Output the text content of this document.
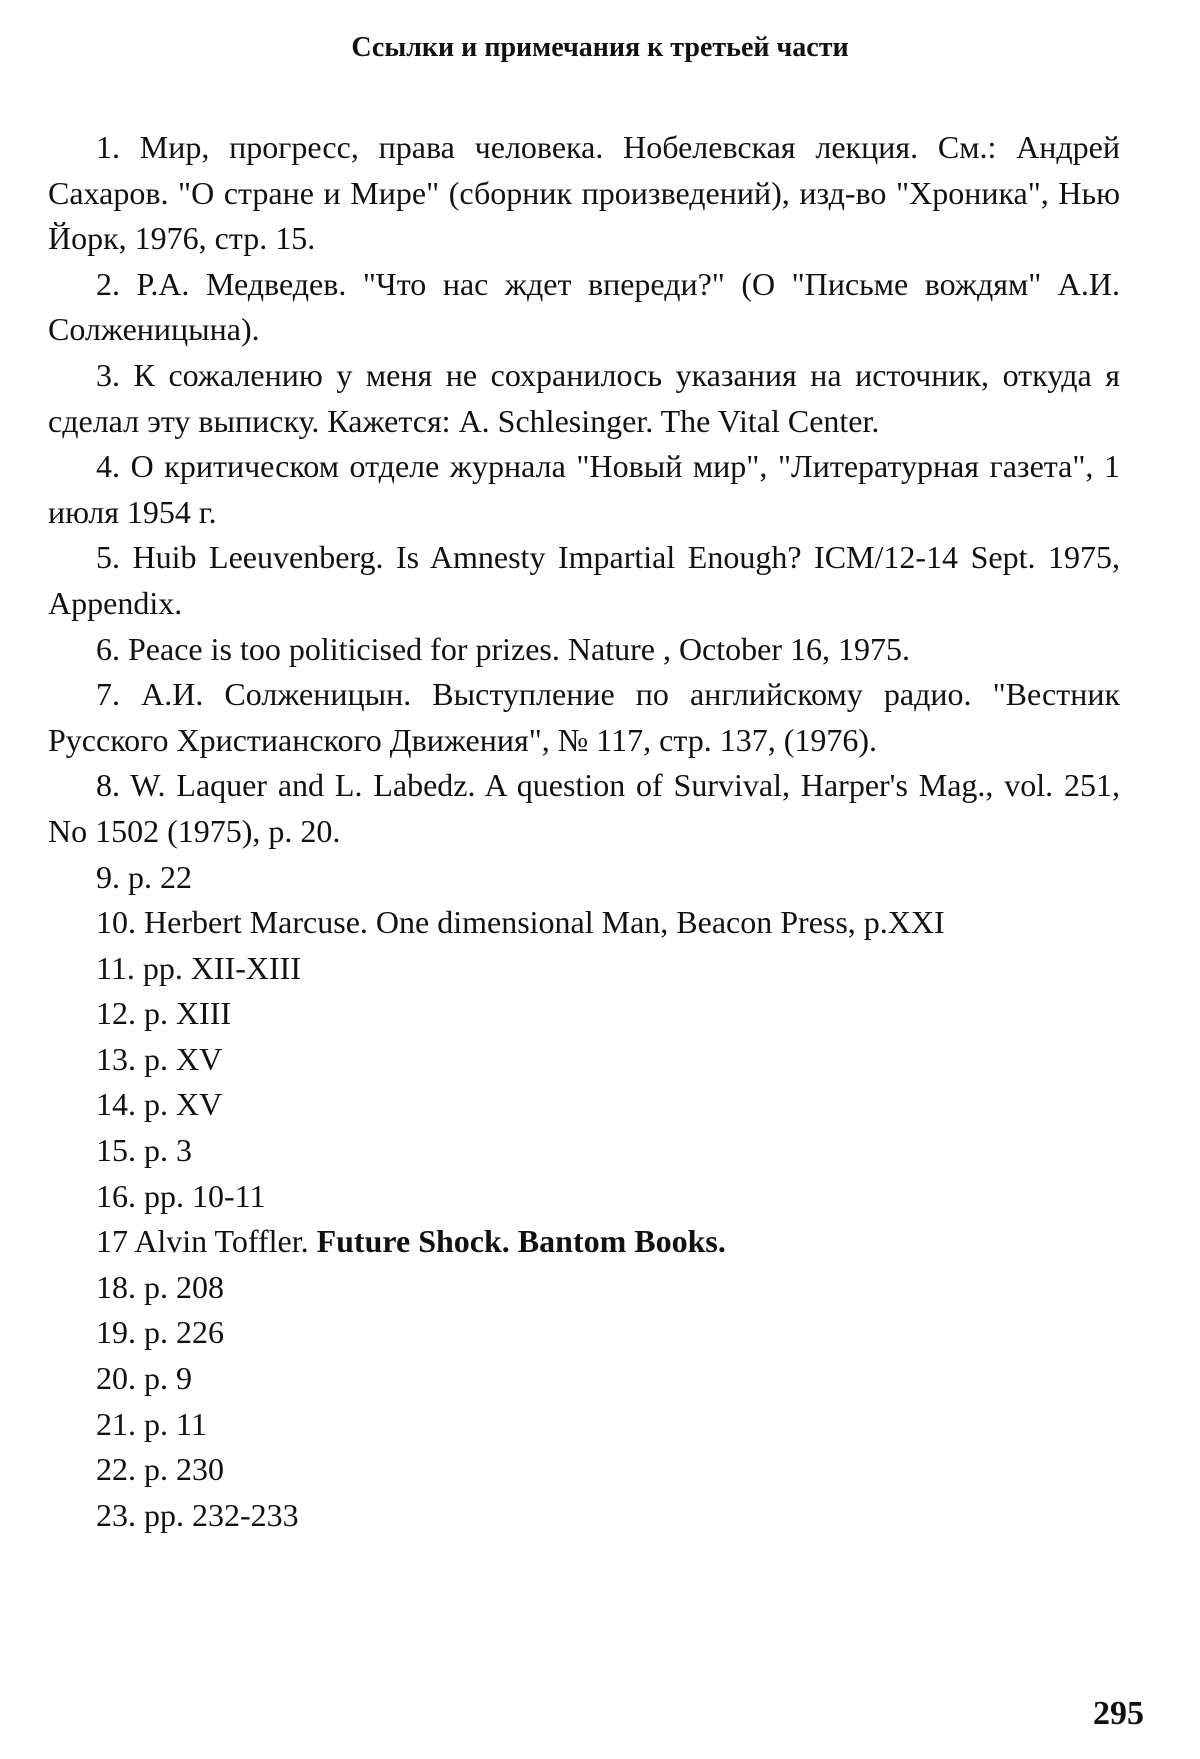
Ссылки и примечания к третьей части
1. Мир, прогресс, права человека. Нобелевская лекция. См.: Андрей Сахаров. "О стране и Мире" (сборник произведений), изд-во "Хроника", Нью Йорк, 1976, стр. 15.
2. Р.А. Медведев. "Что нас ждет впереди?" (О "Письме вождям" А.И. Солженицына).
3. К сожалению у меня не сохранилось указания на источник, откуда я сделал эту выписку. Кажется: A. Schlesinger. The Vital Center.
4. О критическом отделе журнала "Новый мир", "Литературная газета", 1 июля 1954 г.
5. Huib Leeuvenberg. Is Amnesty Impartial Enough? ICM/12-14 Sept. 1975, Appendix.
6. Peace is too politicised for prizes. Nature , October 16, 1975.
7. А.И. Солженицын. Выступление по английскому радио. "Вестник Русского Христианского Движения", № 117, стр. 137, (1976).
8. W. Laquer and L. Labedz. A question of Survival, Harper's Mag., vol. 251, No 1502 (1975), p. 20.
9. p. 22
10. Herbert Marcuse. One dimensional Man, Beacon Press, p.XXI
11. pp. XII-XIII
12. p. XIII
13. p. XV
14. p. XV
15. p. 3
16. pp. 10-11
17 Alvin Toffler. Future Shock. Bantom Books.
18. p. 208
19. p. 226
20. p. 9
21. p. 11
22. p. 230
23. pp. 232-233
295
